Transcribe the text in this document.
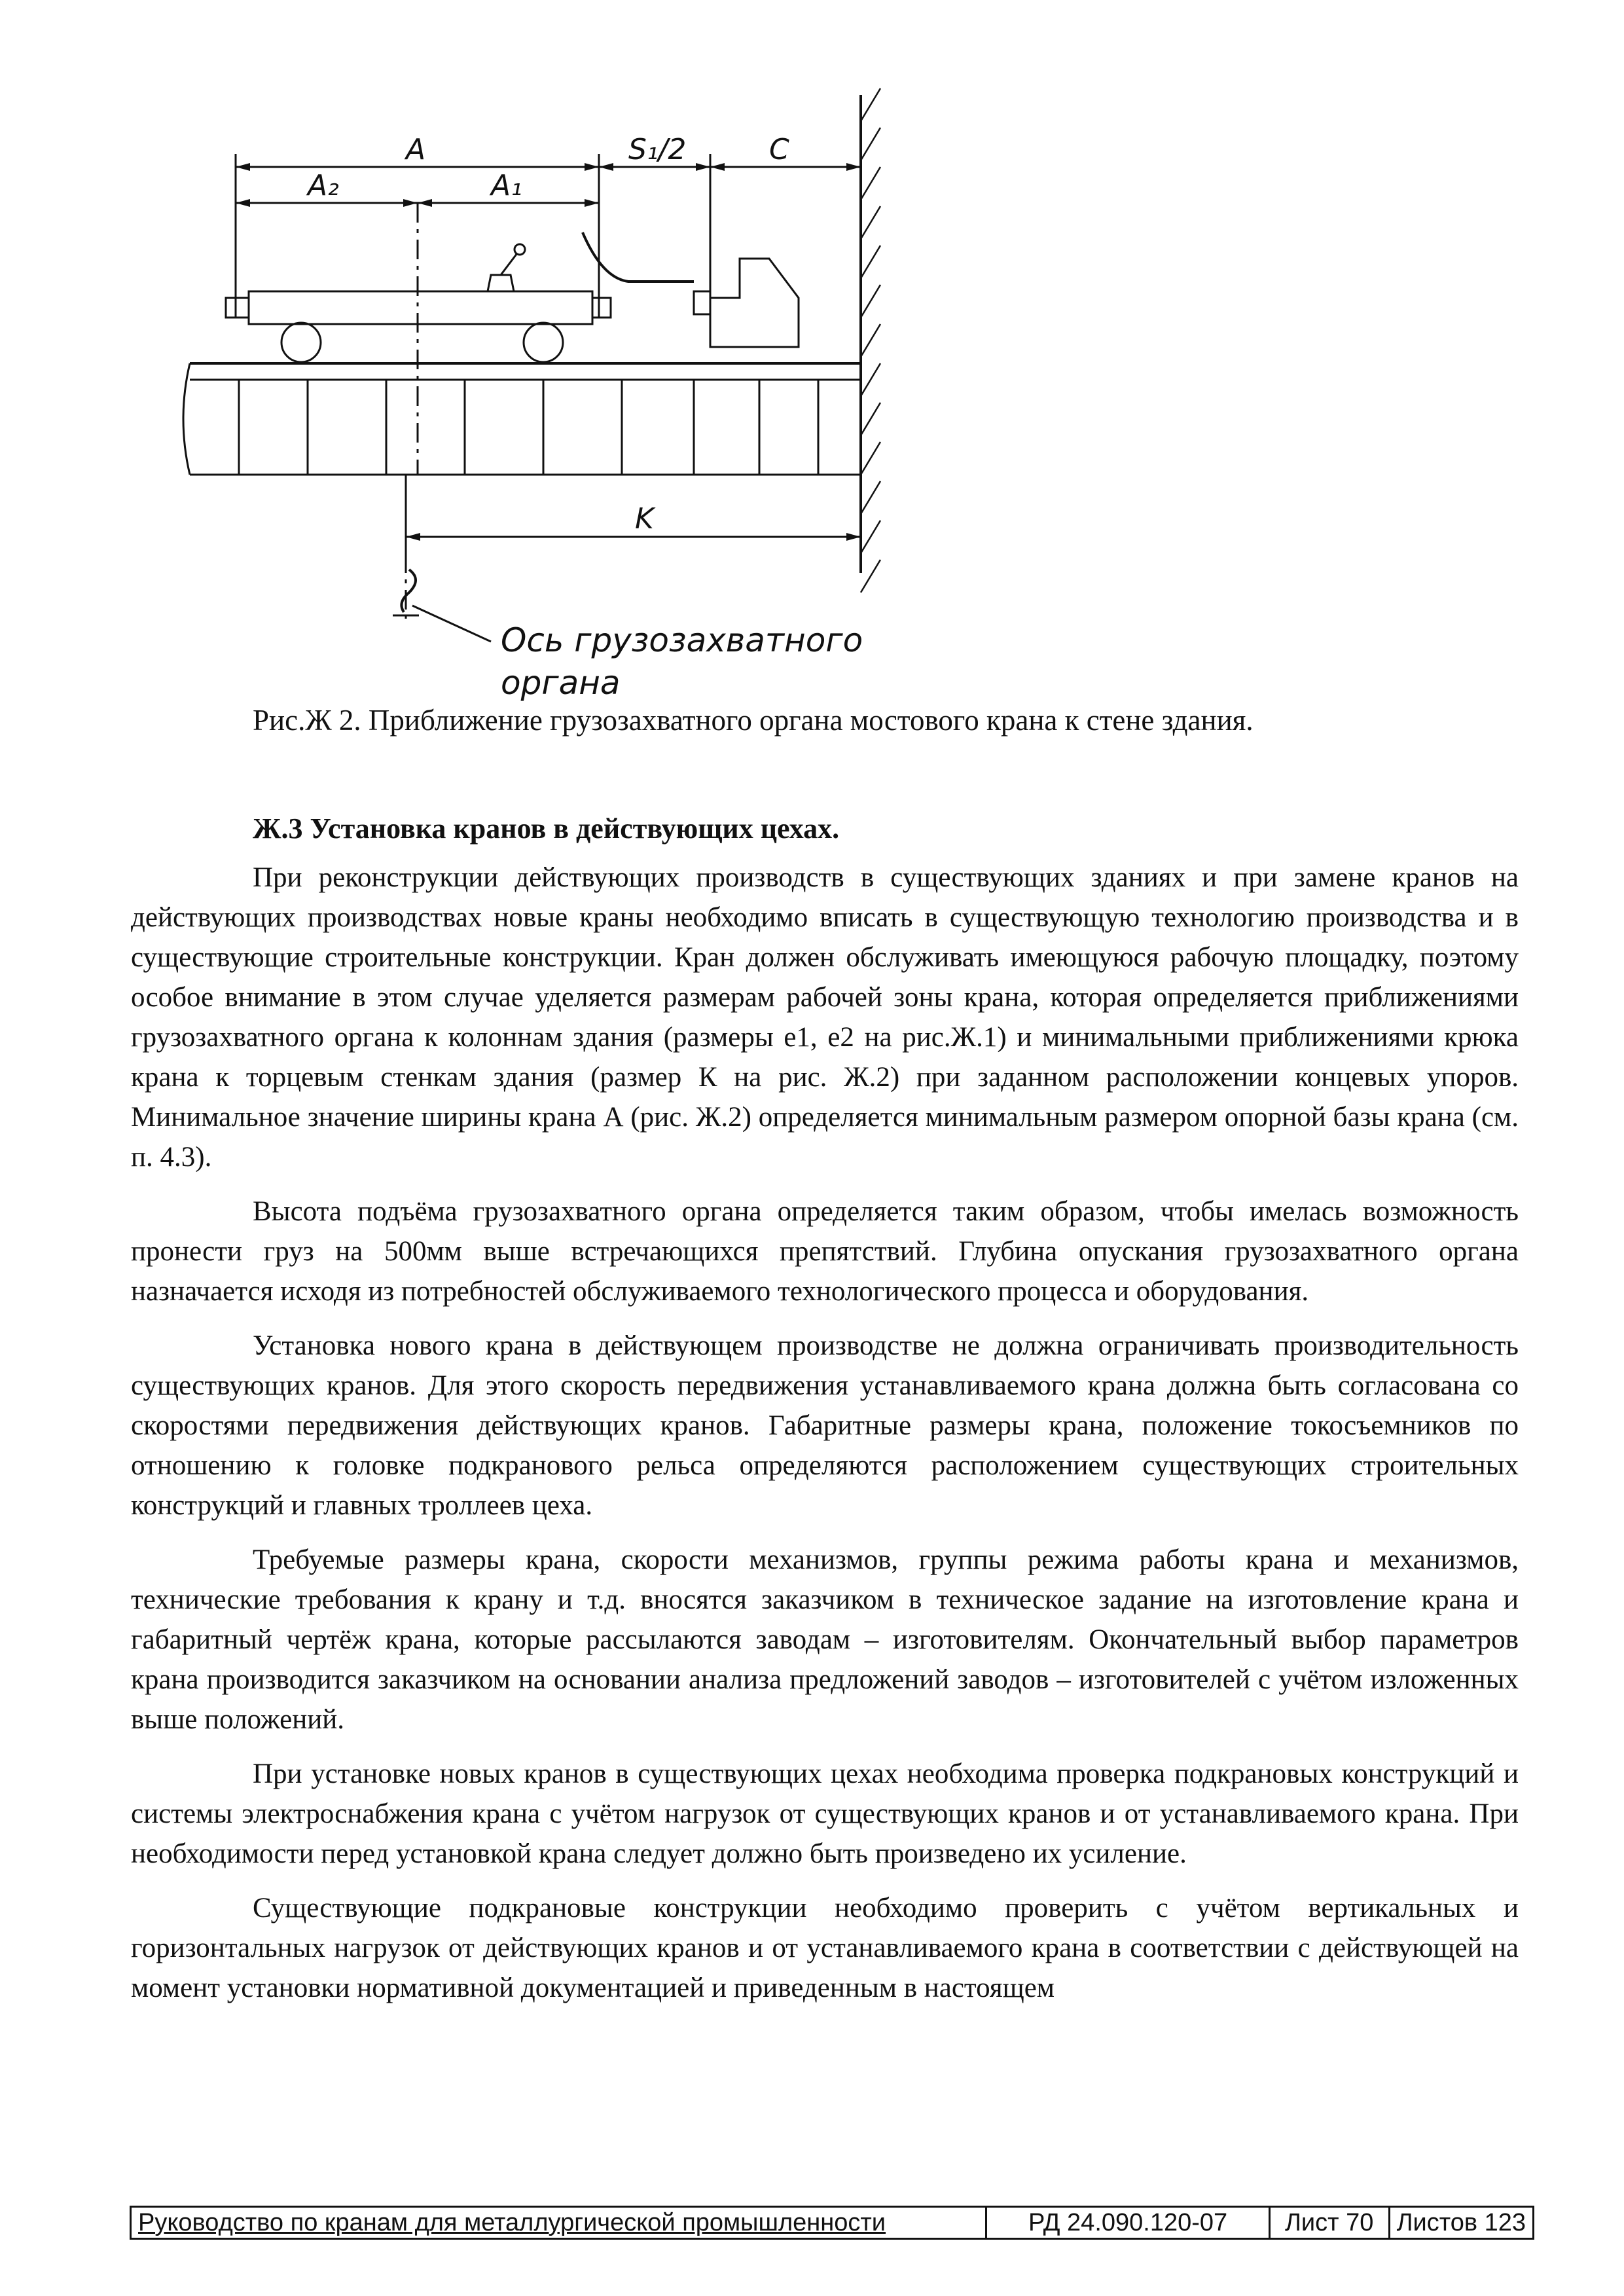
A	S₁/2	C
A₂	A₁
K
Ось грузозахватного
органа
Рис.Ж 2. Приближение грузозахватного органа мостового крана к стене здания.
Ж.3 Установка кранов в действующих цехах.

При реконструкции действующих производств в существующих зданиях и при замене кранов на действующих производствах новые краны необходимо вписать в существующую технологию производства и в существующие строительные конструкции. Кран должен обслуживать имеющуюся рабочую площадку, поэтому особое внимание в этом случае уделяется размерам рабочей зоны крана, которая определяется приближениями грузозахватного органа к колоннам здания (размеры e1, e2 на рис.Ж.1) и минимальными приближениями крюка крана к торцевым стенкам здания (размер К на рис. Ж.2) при заданном расположении концевых упоров. Минимальное значение ширины крана А (рис. Ж.2) определяется минимальным размером опорной базы крана (см. п. 4.3).

Высота подъёма грузозахватного органа определяется таким образом, чтобы имелась возможность пронести груз на 500мм выше встречающихся препятствий. Глубина опускания грузозахватного органа назначается исходя из потребностей обслуживаемого технологического процесса и оборудования.

Установка нового крана в действующем производстве не должна ограничивать производительность существующих кранов. Для этого скорость передвижения устанавливаемого крана должна быть согласована со скоростями передвижения действующих кранов. Габаритные размеры крана, положение токосъемников по отношению к головке подкранового рельса определяются расположением существующих строительных конструкций и главных троллеев цеха.

Требуемые размеры крана, скорости механизмов, группы режима работы крана и механизмов, технические требования к крану и т.д. вносятся заказчиком в техническое задание на изготовление крана и габаритный чертёж крана, которые рассылаются заводам – изготовителям. Окончательный выбор параметров крана производится заказчиком на основании анализа предложений заводов – изготовителей с учётом изложенных выше положений.

При установке новых кранов в существующих цехах необходима проверка подкрановых конструкций и системы электроснабжения крана с учётом нагрузок от существующих кранов и от устанавливаемого крана. При необходимости перед установкой крана следует должно быть произведено их усиление.

Существующие подкрановые конструкции необходимо проверить с учётом вертикальных и горизонтальных нагрузок от действующих кранов и от устанавливаемого крана в соответствии с действующей на момент установки нормативной документацией и приведенным в настоящем

Руководство по кранам для металлургической промышленности	РД 24.090.120-07	Лист 70 Листов 123
